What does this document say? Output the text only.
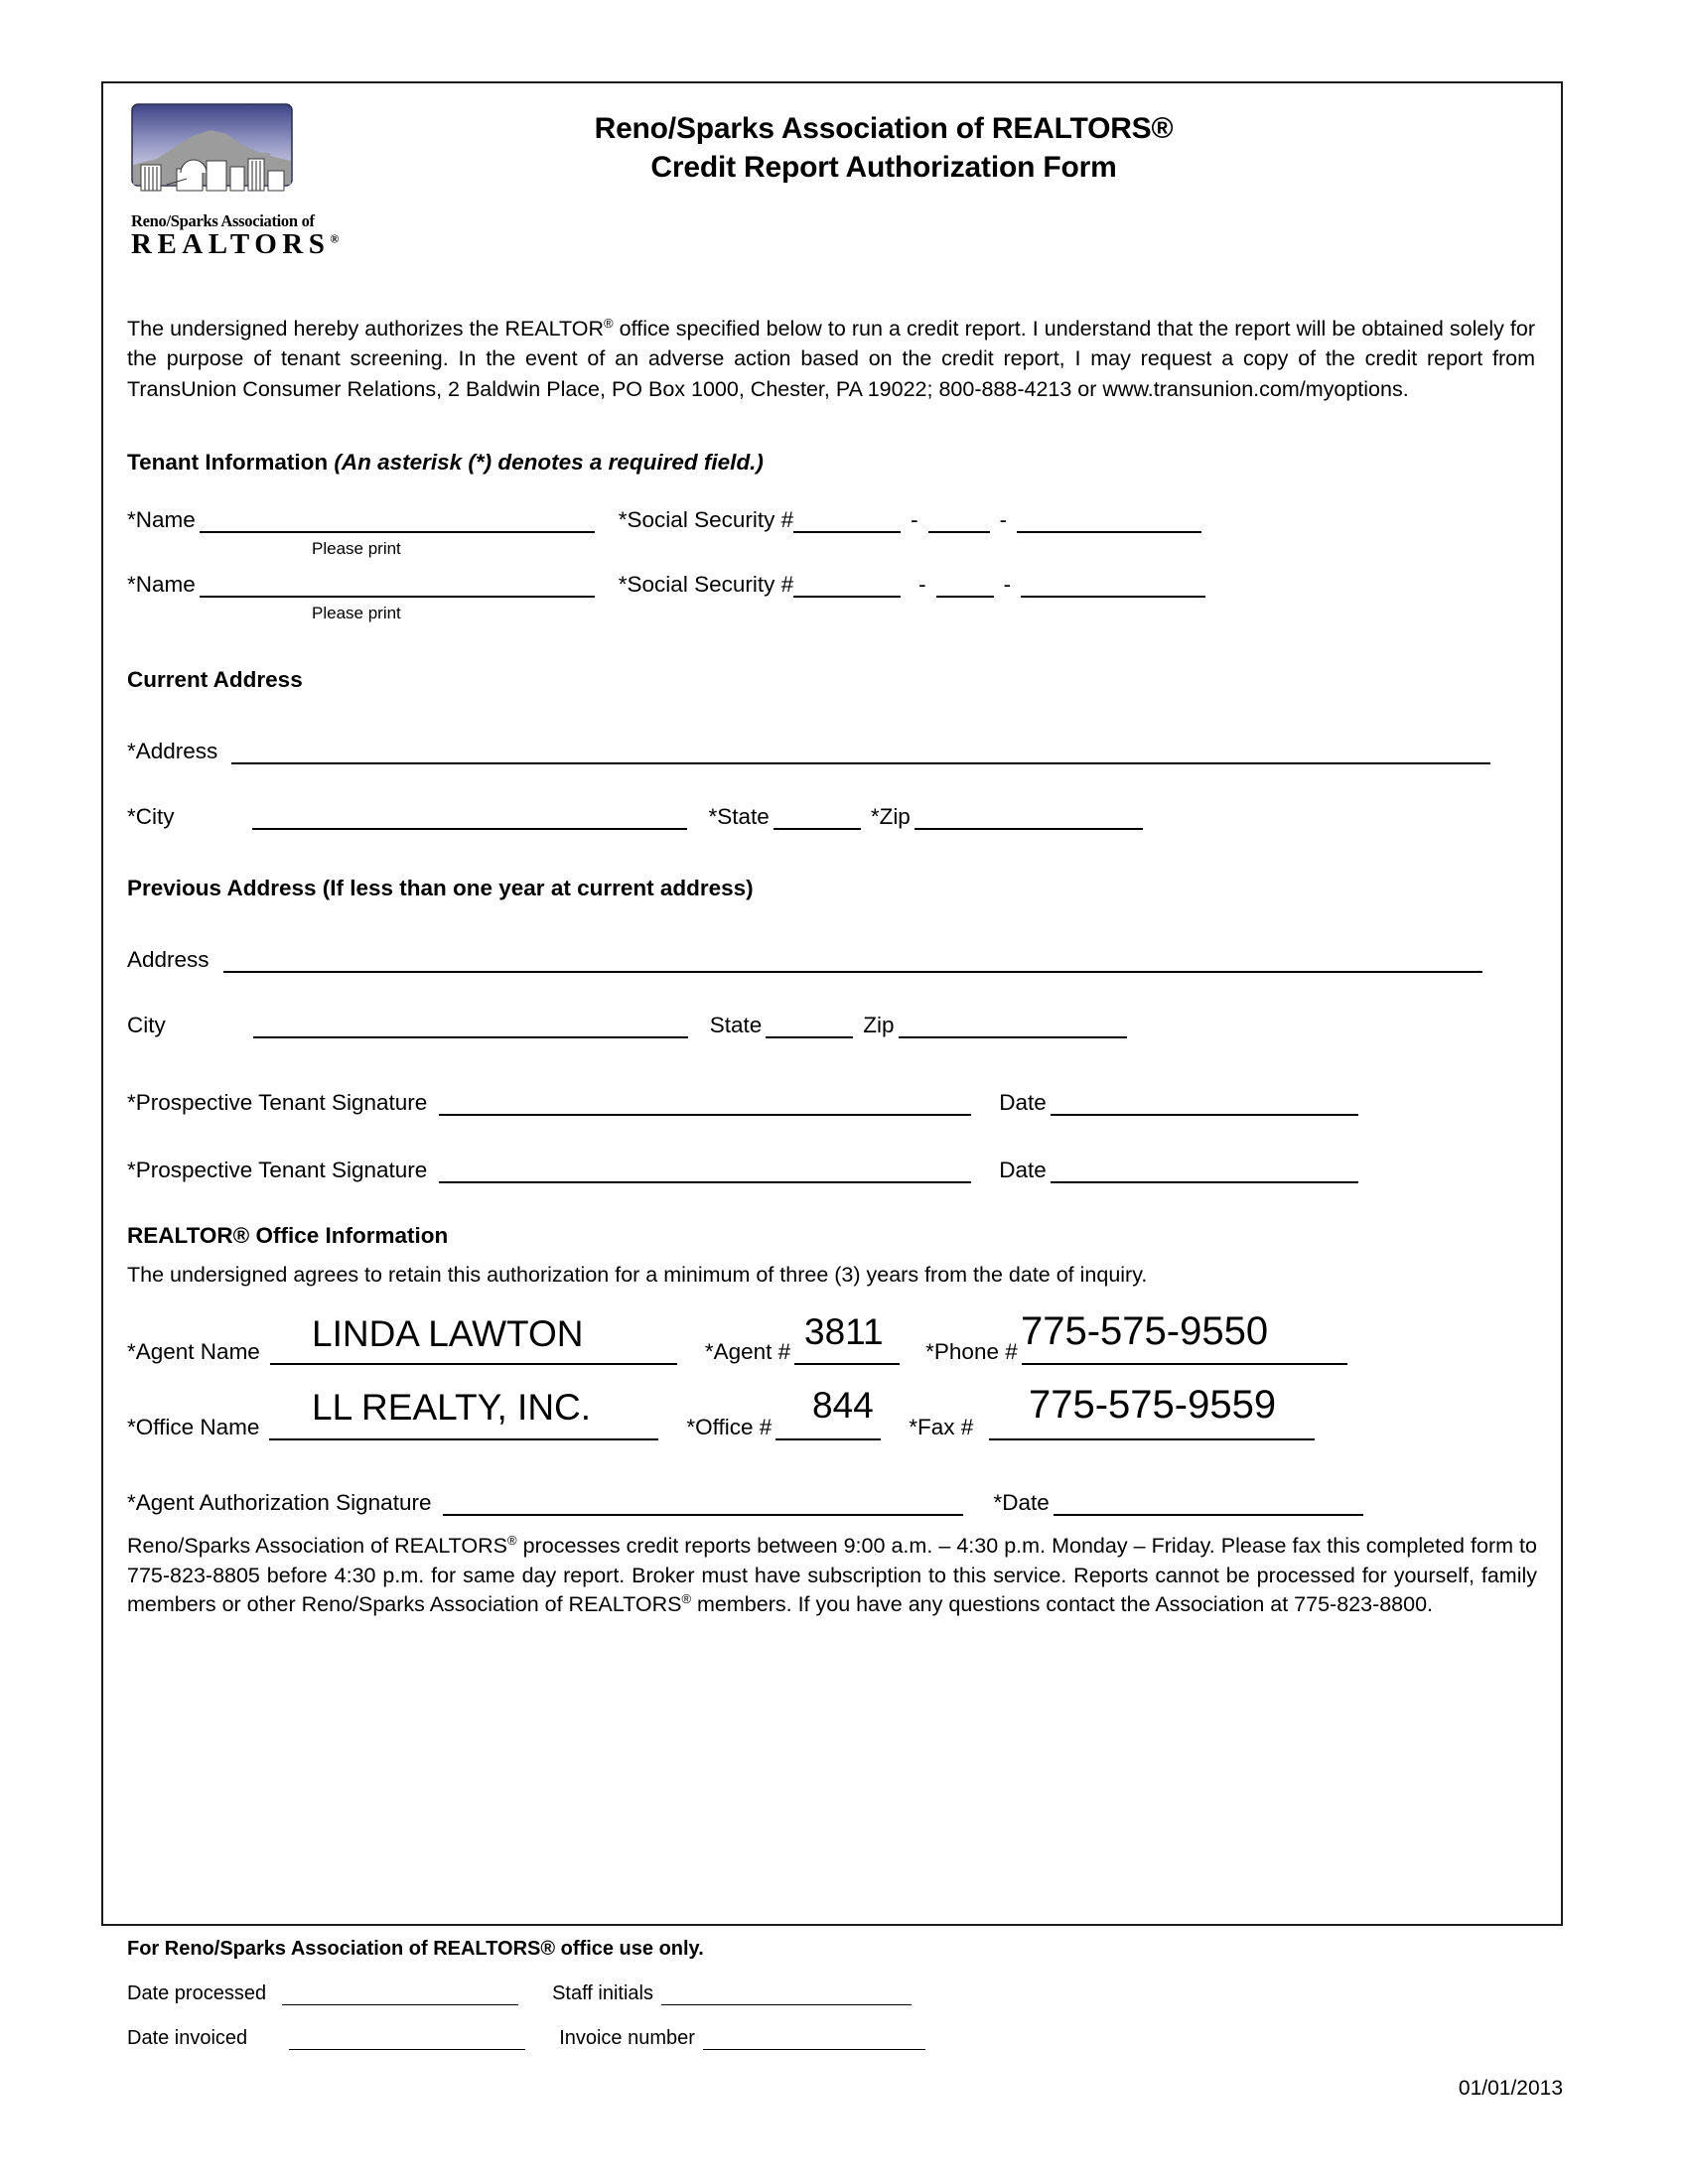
Reno/Sparks Association of
REALTORS®
Reno/Sparks Association of REALTORS®
Credit Report Authorization Form
The undersigned hereby authorizes the REALTOR® office specified below to run a credit report. I understand that the report will be obtained solely for the purpose of tenant screening. In the event of an adverse action based on the credit report, I may request a copy of the credit report from TransUnion Consumer Relations, 2 Baldwin Place, PO Box 1000, Chester, PA 19022; 800-888-4213 or www.transunion.com/myoptions.
Tenant Information (An asterisk (*) denotes a required field.)
*Name	*Social Security #	-	-
Please print
*Name	*Social Security #	-	-
Please print
Current Address
*Address
*City	*State	*Zip
Previous Address (If less than one year at current address)
Address
City	State	Zip
*Prospective Tenant Signature	Date
*Prospective Tenant Signature	Date
REALTOR® Office Information
The undersigned agrees to retain this authorization for a minimum of three (3) years from the date of inquiry.
*Agent Name	*Agent #	*Phone #
LINDA LAWTON	3811	775-575-9550
*Office Name	*Office #	*Fax #
LL REALTY, INC.	844	775-575-9559
*Agent Authorization Signature	*Date
Reno/Sparks Association of REALTORS® processes credit reports between 9:00 a.m. – 4:30 p.m. Monday – Friday. Please fax this completed form to 775-823-8805 before 4:30 p.m. for same day report. Broker must have subscription to this service. Reports cannot be processed for yourself, family members or other Reno/Sparks Association of REALTORS® members. If you have any questions contact the Association at 775-823-8800.
For Reno/Sparks Association of REALTORS® office use only.
Date processed	Staff initials
Date invoiced	Invoice number
01/01/2013
